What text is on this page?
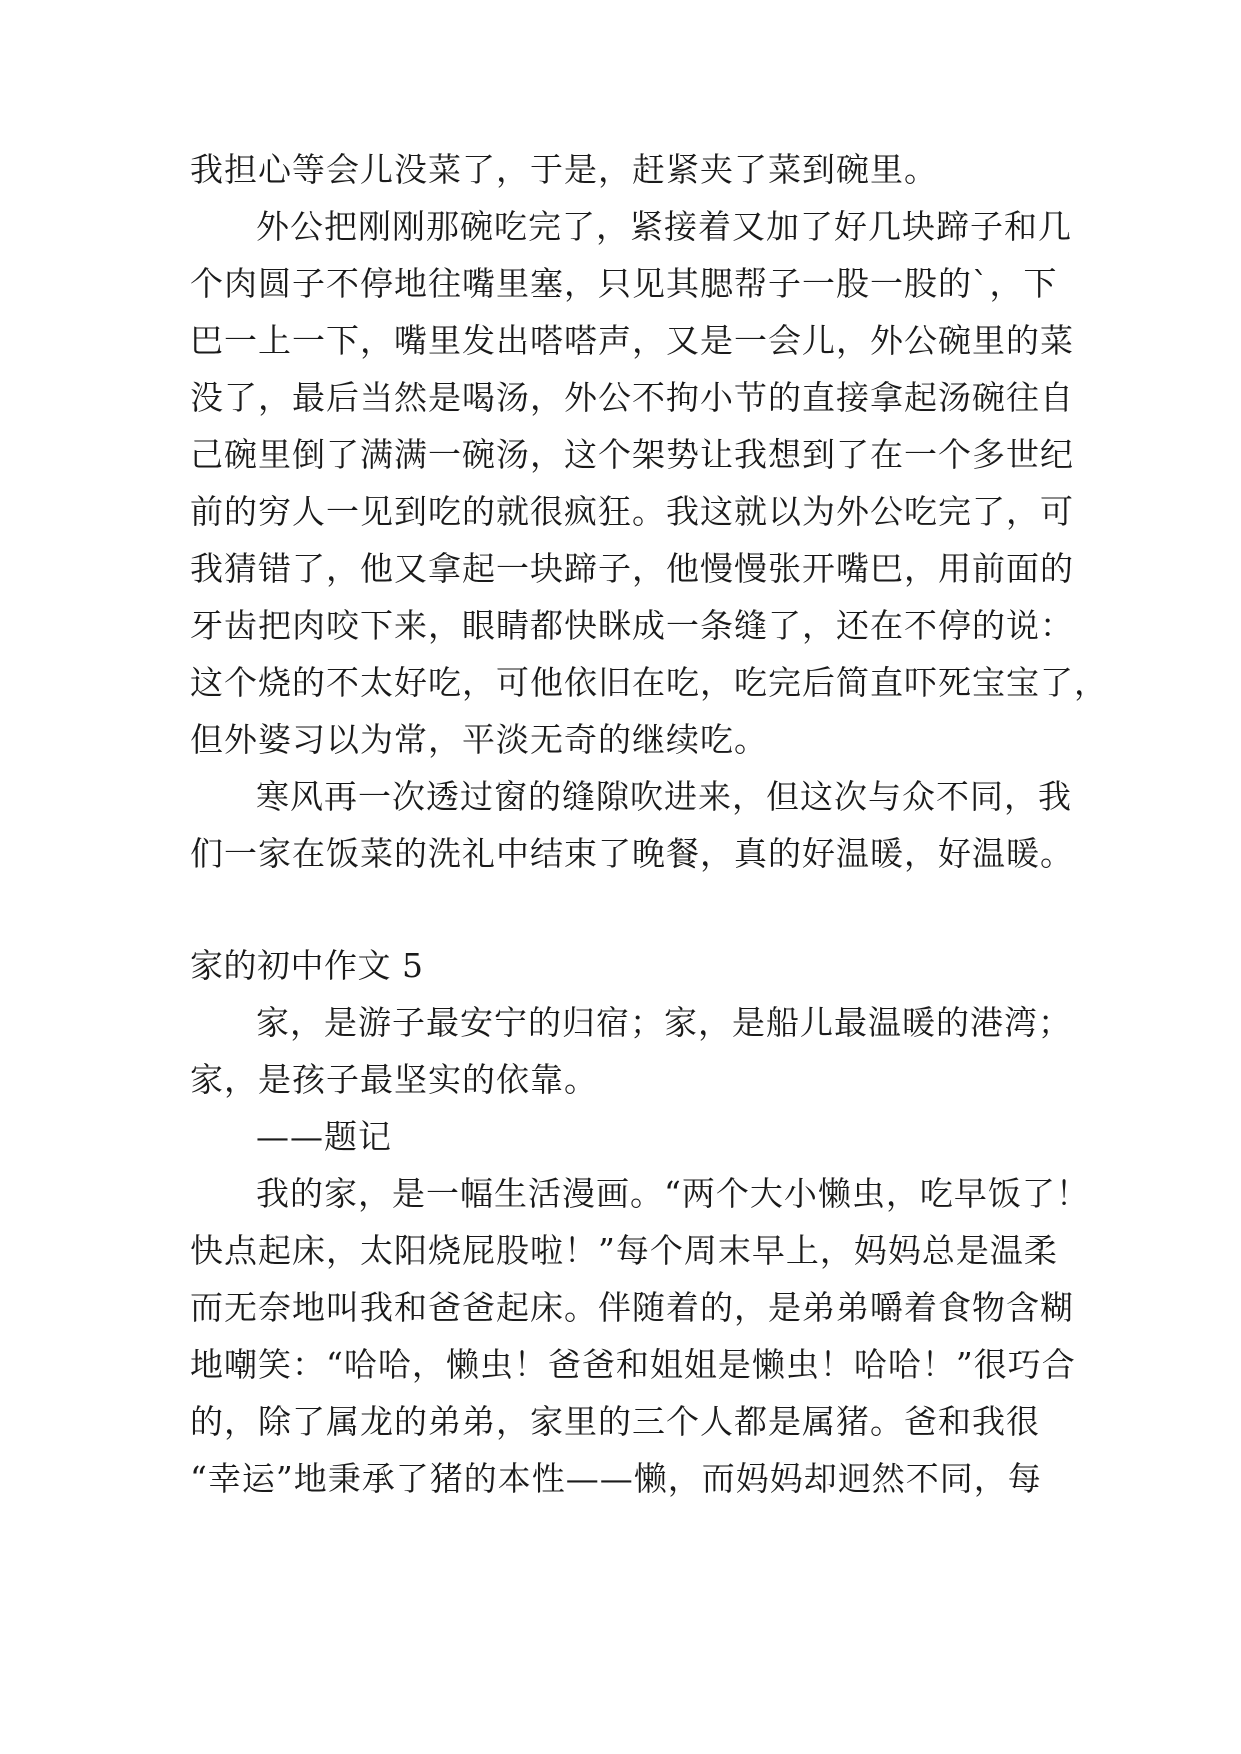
我担心等会儿没菜了，于是，赶紧夹了菜到碗里。
外公把刚刚那碗吃完了，紧接着又加了好几块蹄子和几
个肉圆子不停地往嘴里塞，只见其腮帮子一股一股的`，下
巴一上一下，嘴里发出嗒嗒声，又是一会儿，外公碗里的菜
没了，最后当然是喝汤，外公不拘小节的直接拿起汤碗往自
己碗里倒了满满一碗汤，这个架势让我想到了在一个多世纪
前的穷人一见到吃的就很疯狂。我这就以为外公吃完了，可
我猜错了，他又拿起一块蹄子，他慢慢张开嘴巴，用前面的
牙齿把肉咬下来，眼睛都快眯成一条缝了，还在不停的说：
这个烧的不太好吃，可他依旧在吃，吃完后简直吓死宝宝了，
但外婆习以为常，平淡无奇的继续吃。
寒风再一次透过窗的缝隙吹进来，但这次与众不同，我
们一家在饭菜的洗礼中结束了晚餐，真的好温暖，好温暖。
家的初中作文 5
家，是游子最安宁的归宿；家，是船儿最温暖的港湾；
家，是孩子最坚实的依靠。
——题记
我的家，是一幅生活漫画。“两个大小懒虫，吃早饭了！
快点起床，太阳烧屁股啦！”每个周末早上，妈妈总是温柔
而无奈地叫我和爸爸起床。伴随着的，是弟弟嚼着食物含糊
地嘲笑：“哈哈，懒虫！爸爸和姐姐是懒虫！哈哈！”很巧合
的，除了属龙的弟弟，家里的三个人都是属猪。爸和我很
“幸运”地秉承了猪的本性——懒，而妈妈却迥然不同，每
